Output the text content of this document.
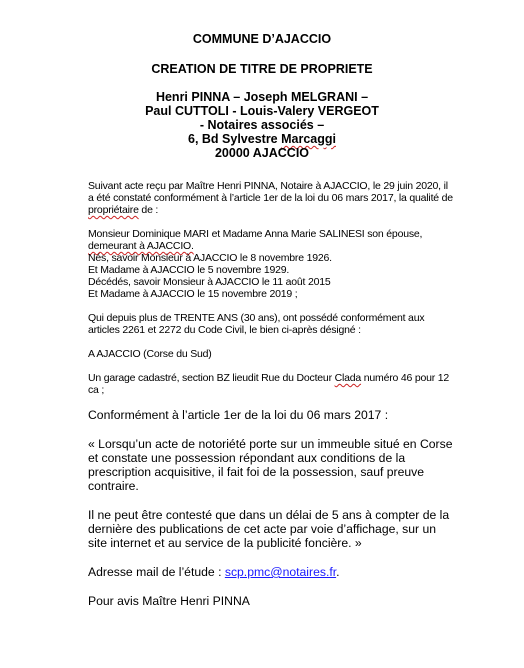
COMMUNE D’AJACCIO
CREATION DE TITRE DE PROPRIETE
Henri PINNA – Joseph MELGRANI –
Paul CUTTOLI - Louis-Valery VERGEOT
- Notaires associés –
6, Bd Sylvestre Marcaggi
20000 AJACCIO

Suivant acte reçu par Maître Henri PINNA, Notaire à AJACCIO, le 29 juin 2020, il a été constaté conformément à l’article 1er de la loi du 06 mars 2017, la qualité de propriétaire de :

Monsieur Dominique MARI et Madame Anna Marie SALINESI son épouse,
demeurant à AJACCIO.
Nés, savoir Monsieur à AJACCIO le 8 novembre 1926.
Et Madame à AJACCIO le 5 novembre 1929.
Décédés, savoir Monsieur à AJACCIO le 11 août 2015
Et Madame à AJACCIO le 15 novembre 2019 ;

Qui depuis plus de TRENTE ANS (30 ans), ont possédé conformément aux articles 2261 et 2272 du Code Civil, le bien ci-après désigné :

A AJACCIO (Corse du Sud)

Un garage cadastré, section BZ lieudit Rue du Docteur Clada numéro 46 pour 12 ca ;

Conformément à l’article 1er de la loi du 06 mars 2017 :

« Lorsqu’un acte de notoriété porte sur un immeuble situé en Corse et constate une possession répondant aux conditions de la prescription acquisitive, il fait foi de la possession, sauf preuve contraire.

Il ne peut être contesté que dans un délai de 5 ans à compter de la dernière des publications de cet acte par voie d’affichage, sur un site internet et au service de la publicité foncière. »

Adresse mail de l’étude : scp.pmc@notaires.fr.

Pour avis Maître Henri PINNA
